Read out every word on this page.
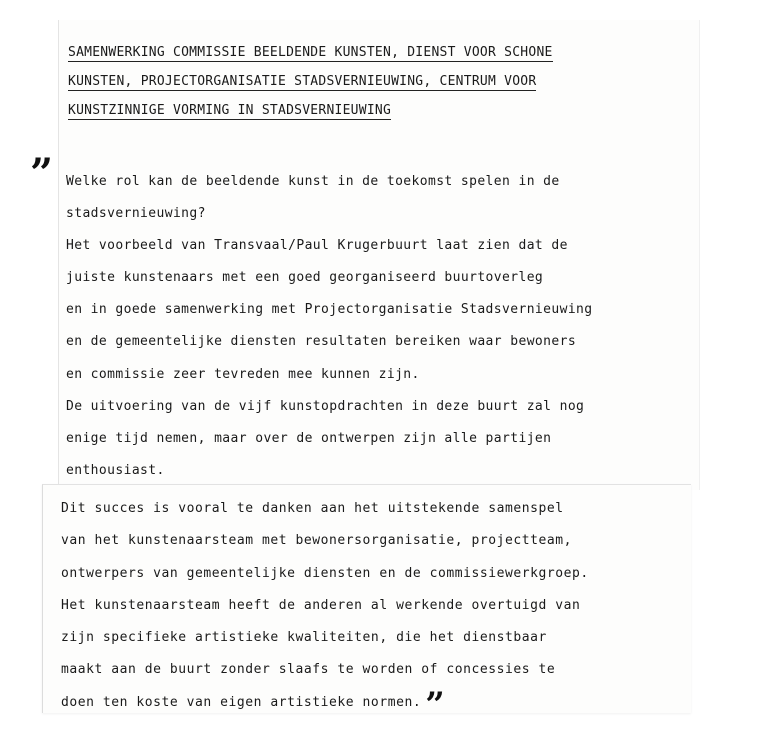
SAMENWERKING COMMISSIE BEELDENDE KUNSTEN, DIENST VOOR SCHONE
KUNSTEN, PROJECTORGANISATIE STADSVERNIEUWING, CENTRUM VOOR
KUNSTZINNIGE VORMING IN STADSVERNIEUWING
” Welke rol kan de beeldende kunst in de toekomst spelen in de
stadsvernieuwing?
Het voorbeeld van Transvaal/Paul Krugerbuurt laat zien dat de
juiste kunstenaars met een goed georganiseerd buurtoverleg
en in goede samenwerking met Projectorganisatie Stadsvernieuwing
en de gemeentelijke diensten resultaten bereiken waar bewoners
en commissie zeer tevreden mee kunnen zijn.
De uitvoering van de vijf kunstopdrachten in deze buurt zal nog
enige tijd nemen, maar over de ontwerpen zijn alle partijen
enthousiast.
Dit succes is vooral te danken aan het uitstekende samenspel
van het kunstenaarsteam met bewonersorganisatie, projectteam,
ontwerpers van gemeentelijke diensten en de commissiewerkgroep.
Het kunstenaarsteam heeft de anderen al werkende overtuigd van
zijn specifieke artistieke kwaliteiten, die het dienstbaar
maakt aan de buurt zonder slaafs te worden of concessies te
doen ten koste van eigen artistieke normen. ”
